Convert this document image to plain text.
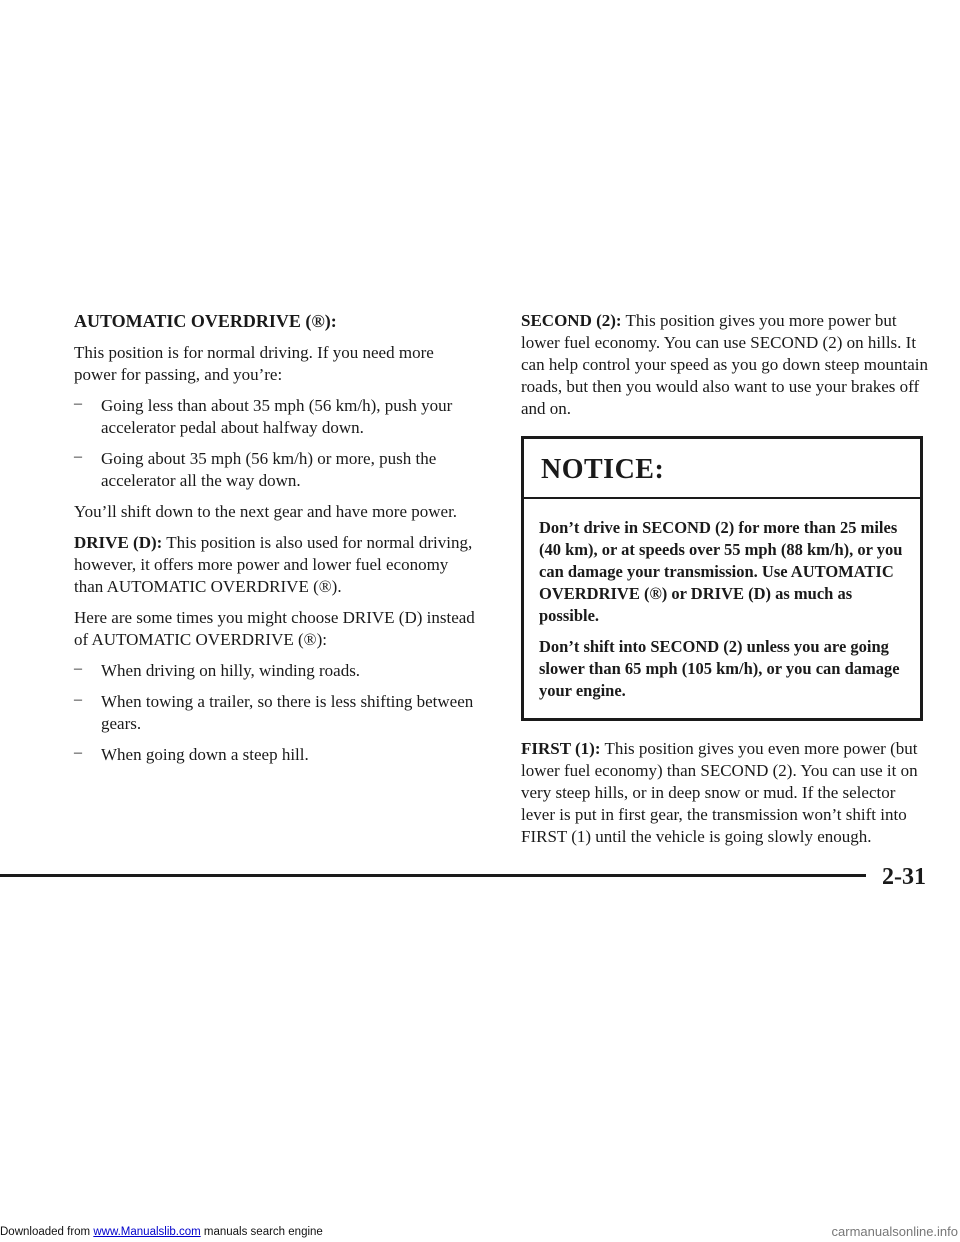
AUTOMATIC OVERDRIVE (®):

This position is for normal driving. If you need more power for passing, and you’re:

– Going less than about 35 mph (56 km/h), push your accelerator pedal about halfway down.

– Going about 35 mph (56 km/h) or more, push the accelerator all the way down.

You’ll shift down to the next gear and have more power.

DRIVE (D): This position is also used for normal driving, however, it offers more power and lower fuel economy than AUTOMATIC OVERDRIVE (®).

Here are some times you might choose DRIVE (D) instead of AUTOMATIC OVERDRIVE (®):

– When driving on hilly, winding roads.

– When towing a trailer, so there is less shifting between gears.

– When going down a steep hill.

SECOND (2): This position gives you more power but lower fuel economy. You can use SECOND (2) on hills. It can help control your speed as you go down steep mountain roads, but then you would also want to use your brakes off and on.

NOTICE:

Don’t drive in SECOND (2) for more than 25 miles (40 km), or at speeds over 55 mph (88 km/h), or you can damage your transmission. Use AUTOMATIC OVERDRIVE (®) or DRIVE (D) as much as possible.

Don’t shift into SECOND (2) unless you are going slower than 65 mph (105 km/h), or you can damage your engine.

FIRST (1): This position gives you even more power (but lower fuel economy) than SECOND (2). You can use it on very steep hills, or in deep snow or mud. If the selector lever is put in first gear, the transmission won’t shift into FIRST (1) until the vehicle is going slowly enough.

2-31
Downloaded from www.Manualslib.com manuals search engine	carmanualsonline.info
